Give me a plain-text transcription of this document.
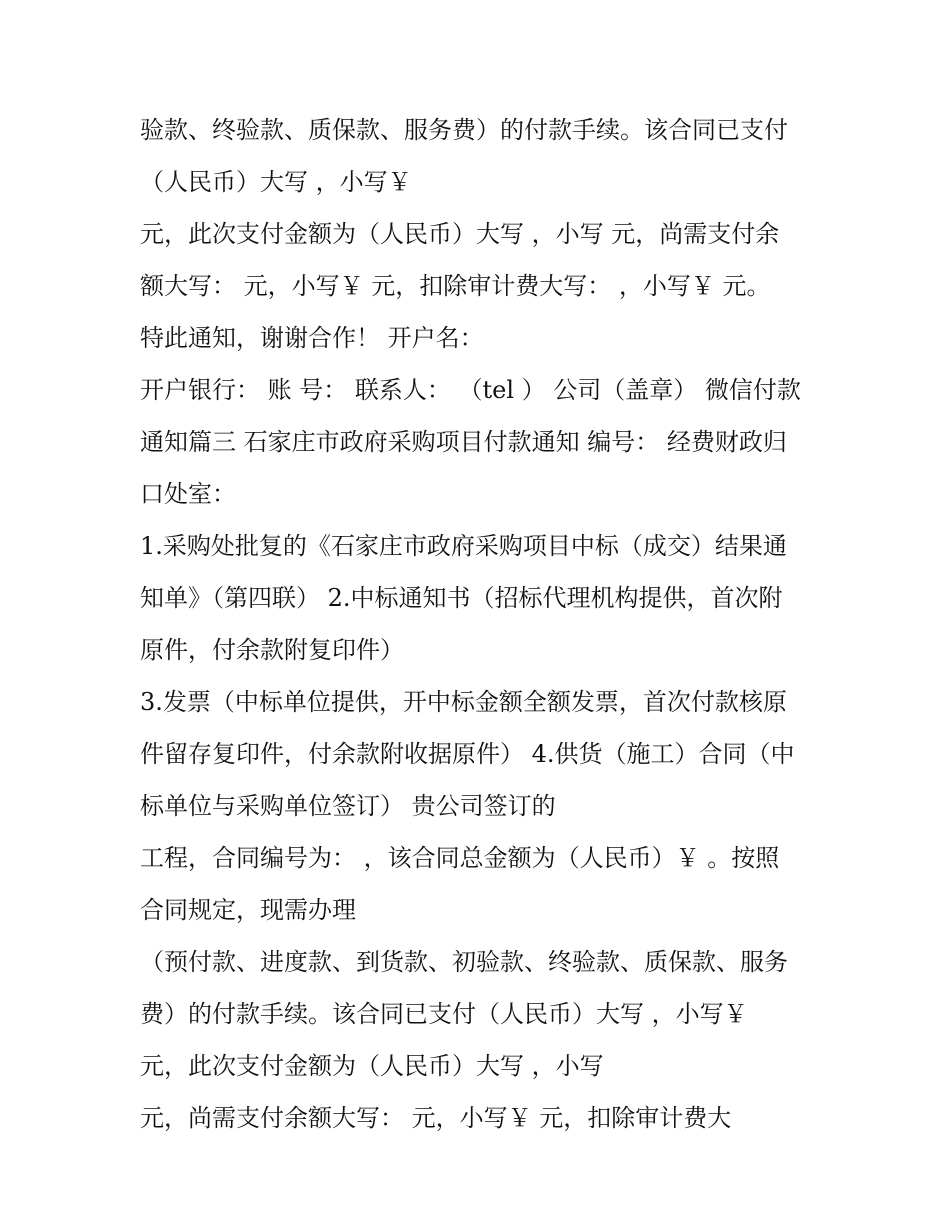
验款、终验款、质保款、服务费）的付款手续。该合同已支付
（人民币）大写 ，小写￥
元，此次支付金额为（人民币）大写 ，小写 元，尚需支付余
额大写： 元，小写￥ 元，扣除审计费大写： ，小写￥ 元。
特此通知，谢谢合作！ 开户名：
开户银行： 账 号： 联系人： （tel ） 公司（盖章） 微信付款
通知篇三 石家庄市政府采购项目付款通知 编号： 经费财政归
口处室：
1.采购处批复的《石家庄市政府采购项目中标（成交）结果通
知单》（第四联） 2.中标通知书（招标代理机构提供，首次附
原件，付余款附复印件）
3.发票（中标单位提供，开中标金额全额发票，首次付款核原
件留存复印件，付余款附收据原件） 4.供货（施工）合同（中
标单位与采购单位签订） 贵公司签订的
工程，合同编号为： ，该合同总金额为（人民币）￥ 。按照
合同规定，现需办理
（预付款、进度款、到货款、初验款、终验款、质保款、服务
费）的付款手续。该合同已支付（人民币）大写 ，小写￥
元，此次支付金额为（人民币）大写 ，小写
元，尚需支付余额大写： 元，小写￥ 元，扣除审计费大
